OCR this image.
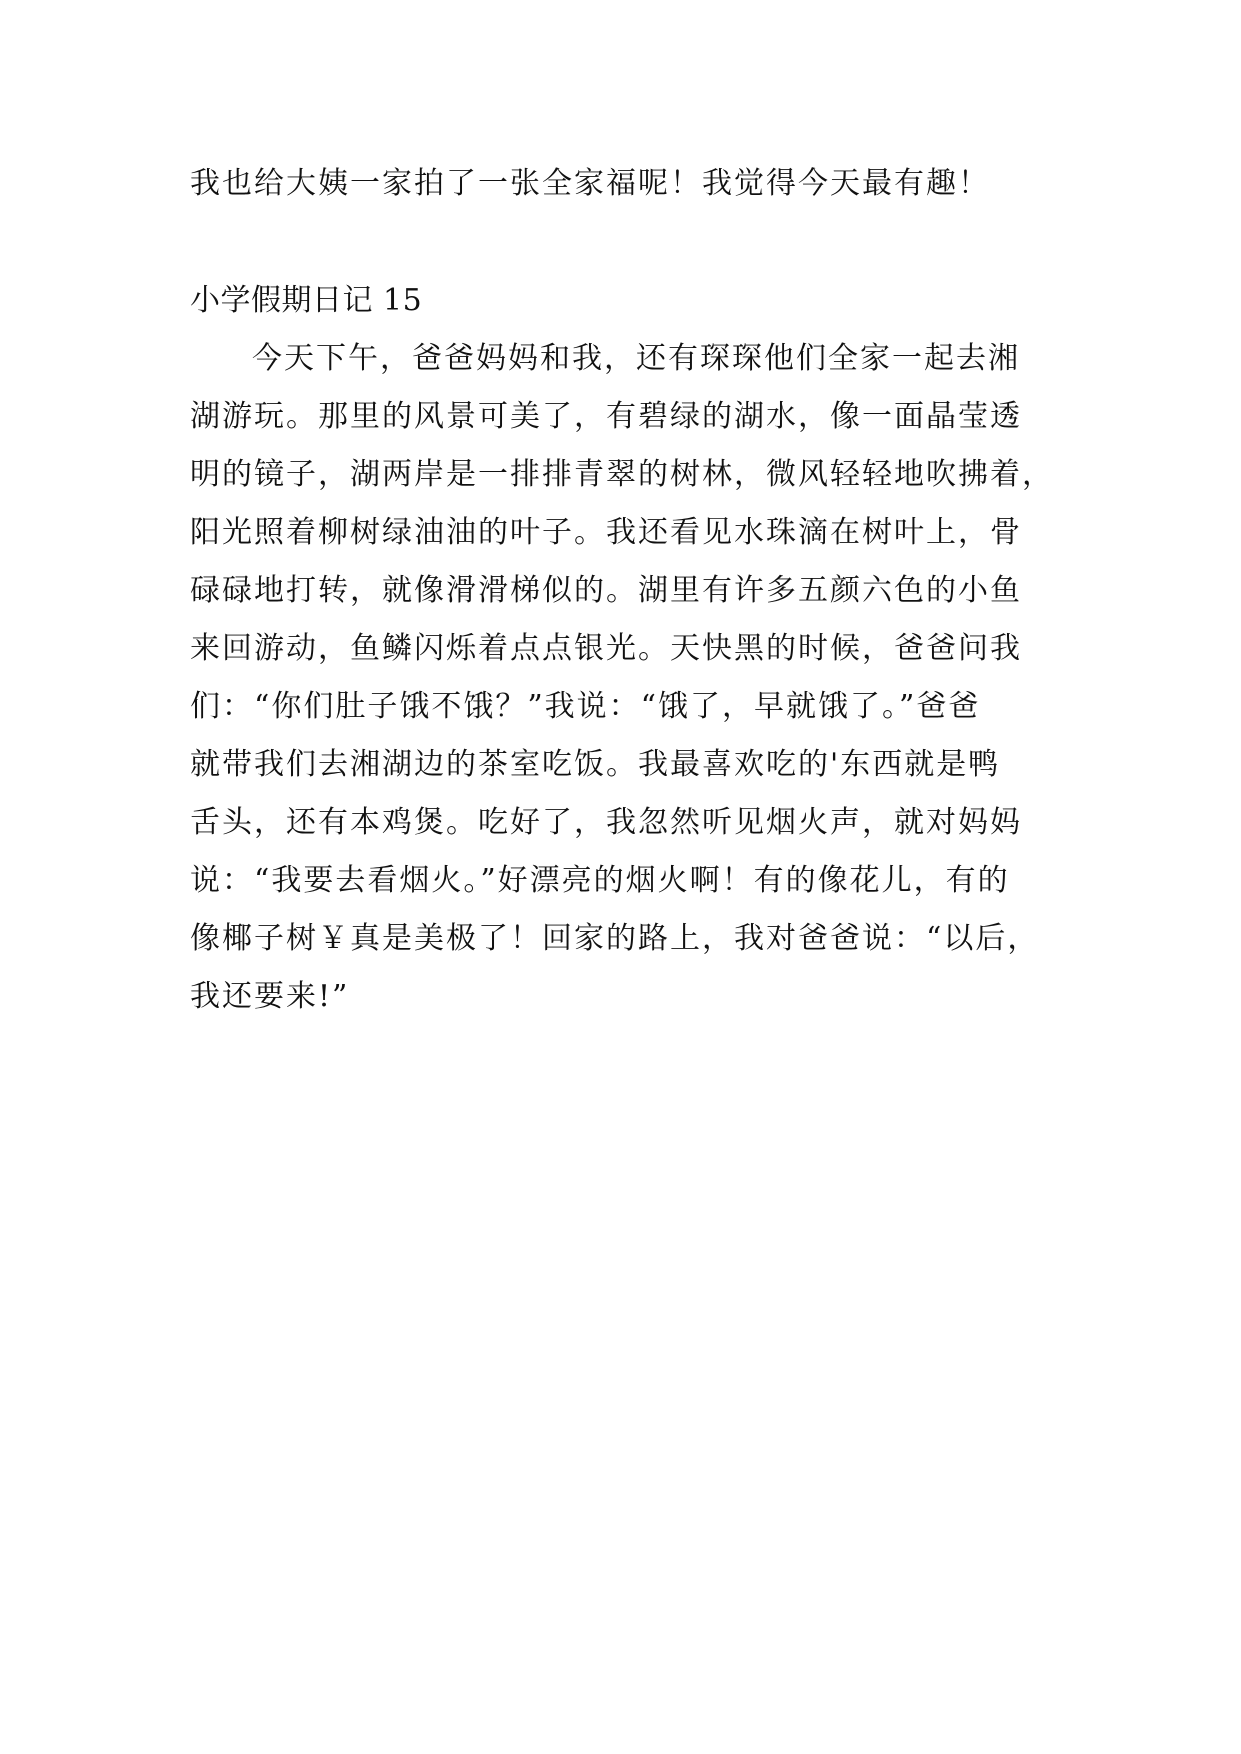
我也给大姨一家拍了一张全家福呢！我觉得今天最有趣！
小学假期日记 15
今天下午，爸爸妈妈和我，还有琛琛他们全家一起去湘
湖游玩。那里的风景可美了，有碧绿的湖水，像一面晶莹透
明的镜子，湖两岸是一排排青翠的树林，微风轻轻地吹拂着，
阳光照着柳树绿油油的叶子。我还看见水珠滴在树叶上，骨
碌碌地打转，就像滑滑梯似的。湖里有许多五颜六色的小鱼
来回游动，鱼鳞闪烁着点点银光。天快黑的时候，爸爸问我
们：“你们肚子饿不饿？”我说：“饿了，早就饿了。”爸爸
就带我们去湘湖边的茶室吃饭。我最喜欢吃的'东西就是鸭
舌头，还有本鸡煲。吃好了，我忽然听见烟火声，就对妈妈
说：“我要去看烟火。”好漂亮的烟火啊！有的像花儿，有的
像椰子树￥真是美极了！回家的路上，我对爸爸说：“以后，
我还要来!”
